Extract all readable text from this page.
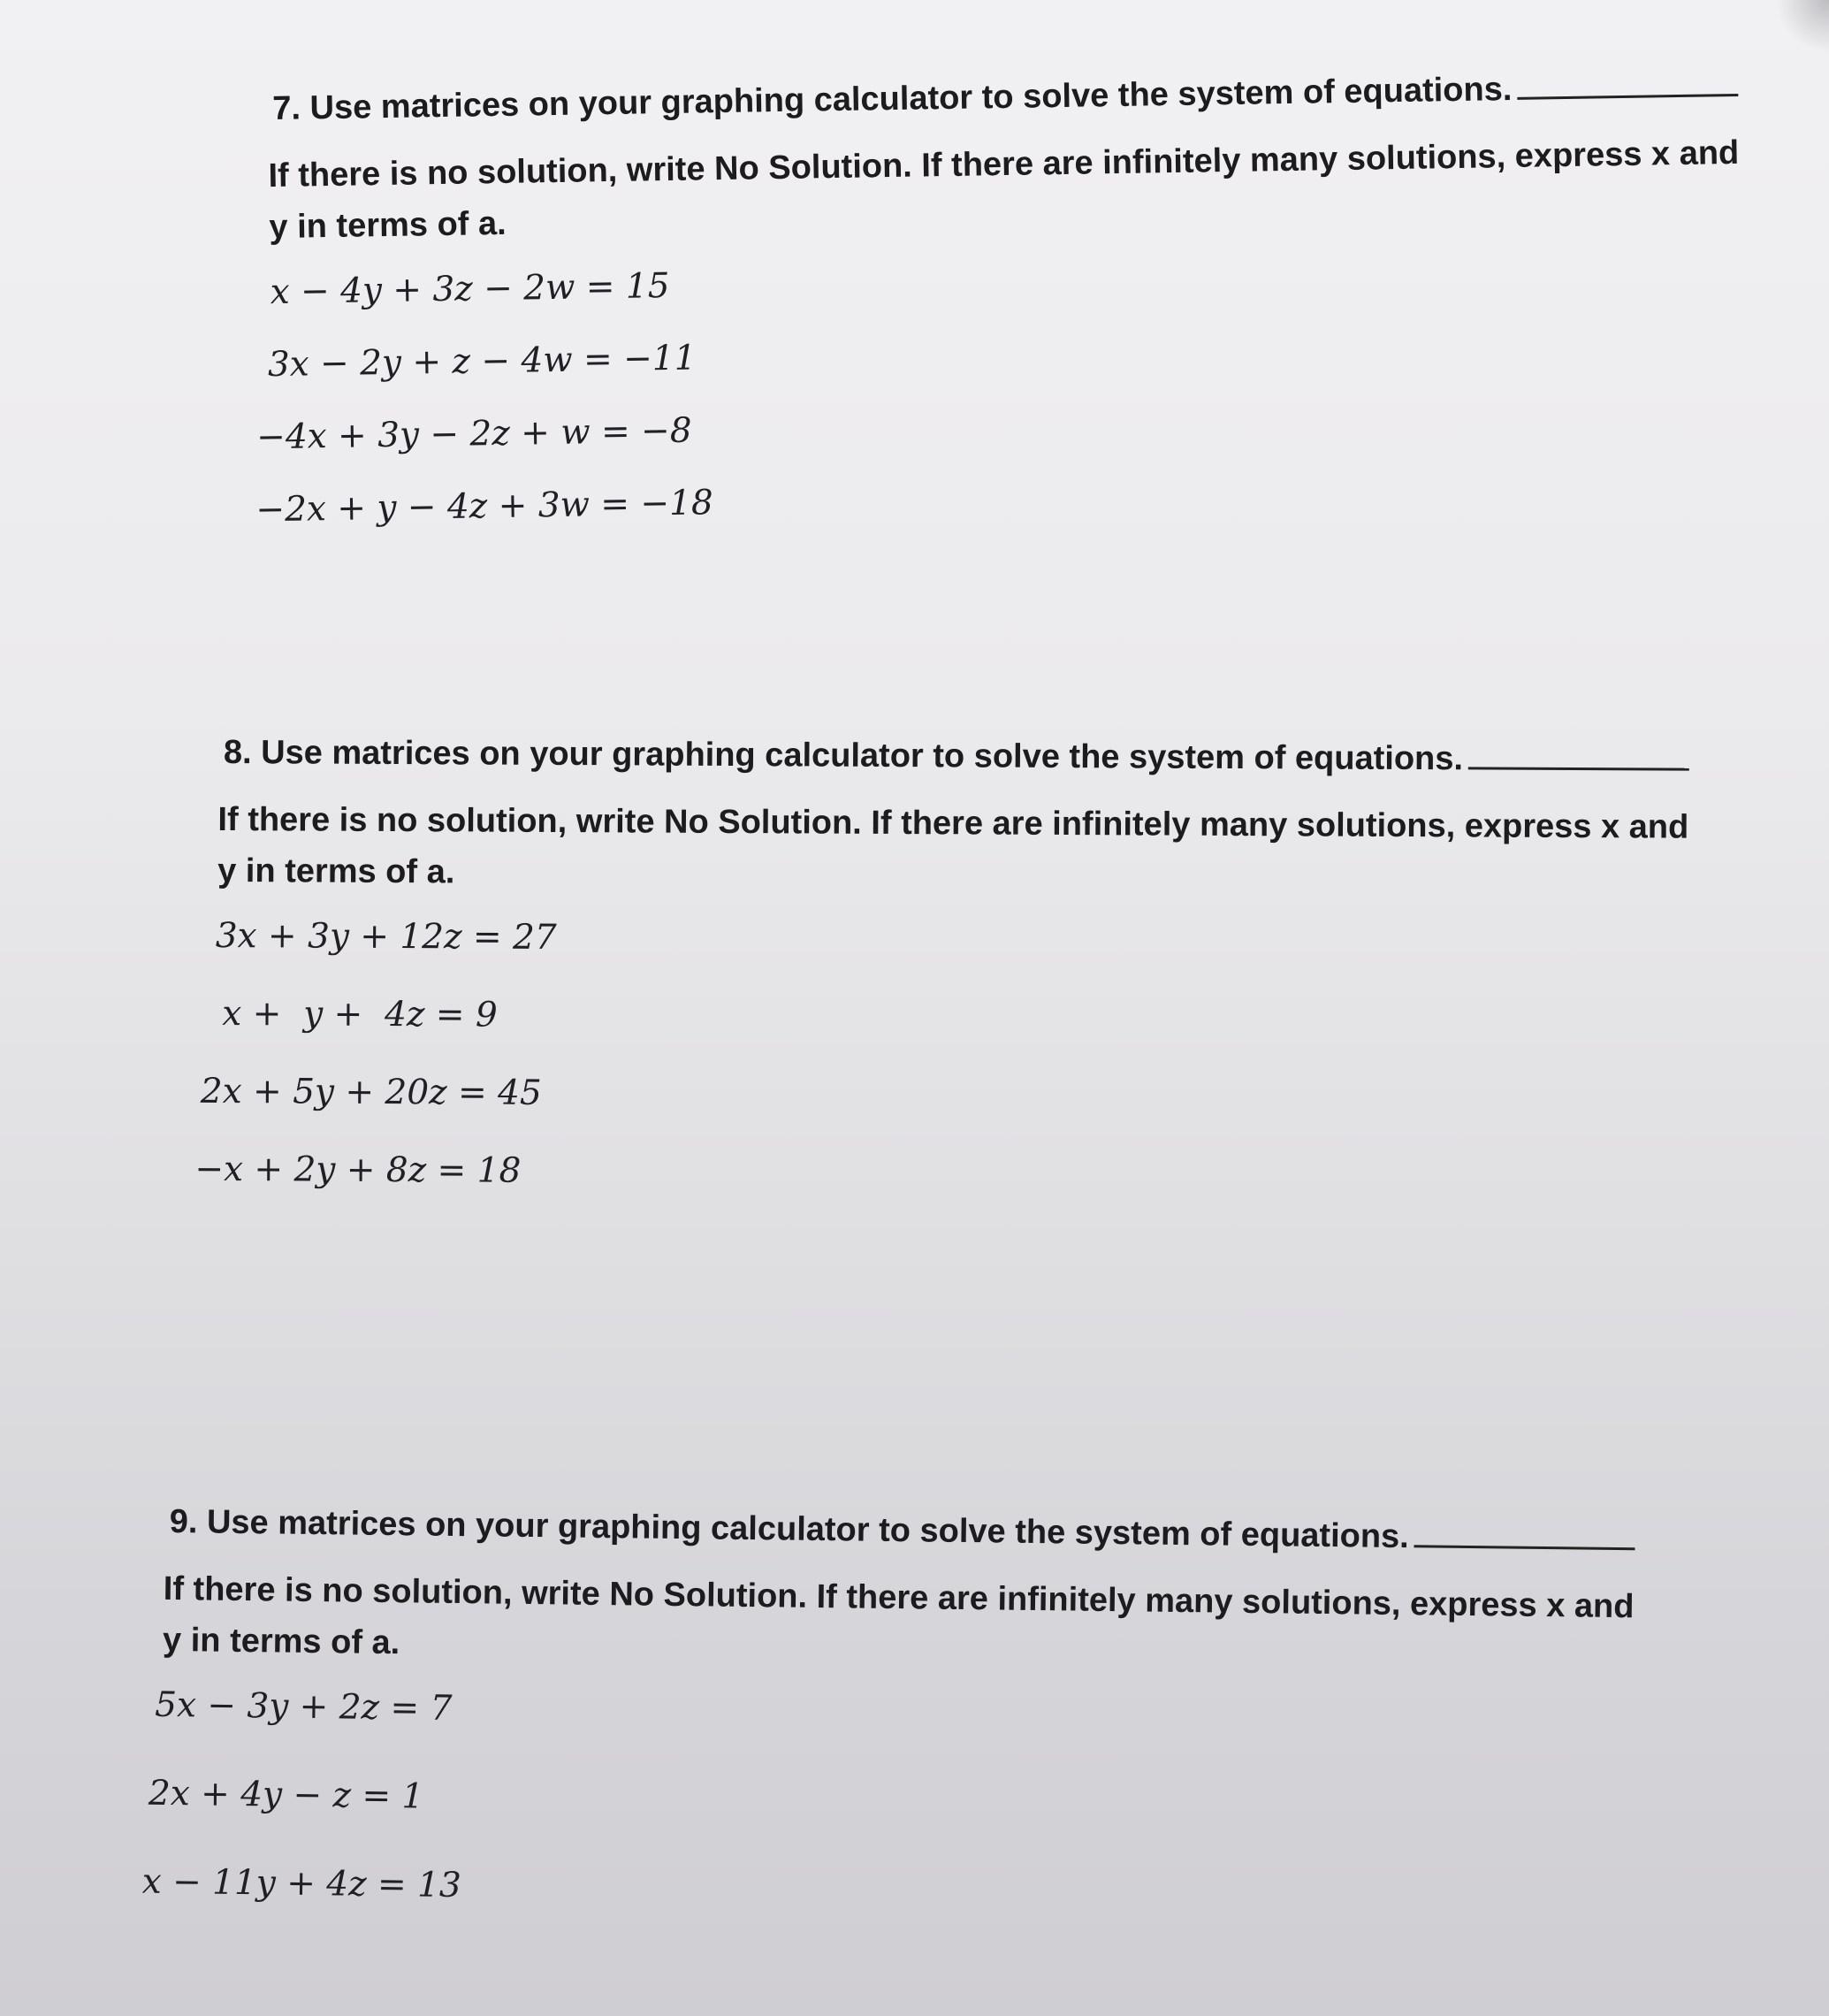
7. Use matrices on your graphing calculator to solve the system of equations.

If there is no solution, write No Solution. If there are infinitely many solutions, express x and
y in terms of a.
x − 4y + 3z − 2w = 15
3x − 2y + z − 4w = −11
−4x + 3y − 2z + w = −8
−2x + y − 4z + 3w = −18

8. Use matrices on your graphing calculator to solve the system of equations.

If there is no solution, write No Solution. If there are infinitely many solutions, express x and
y in terms of a.
3x + 3y + 12z = 27
x +  y +  4z = 9
2x + 5y + 20z = 45
−x + 2y + 8z = 18

9. Use matrices on your graphing calculator to solve the system of equations.

If there is no solution, write No Solution. If there are infinitely many solutions, express x and
y in terms of a.
5x − 3y + 2z = 7
2x + 4y − z = 1
x − 11y + 4z = 13
